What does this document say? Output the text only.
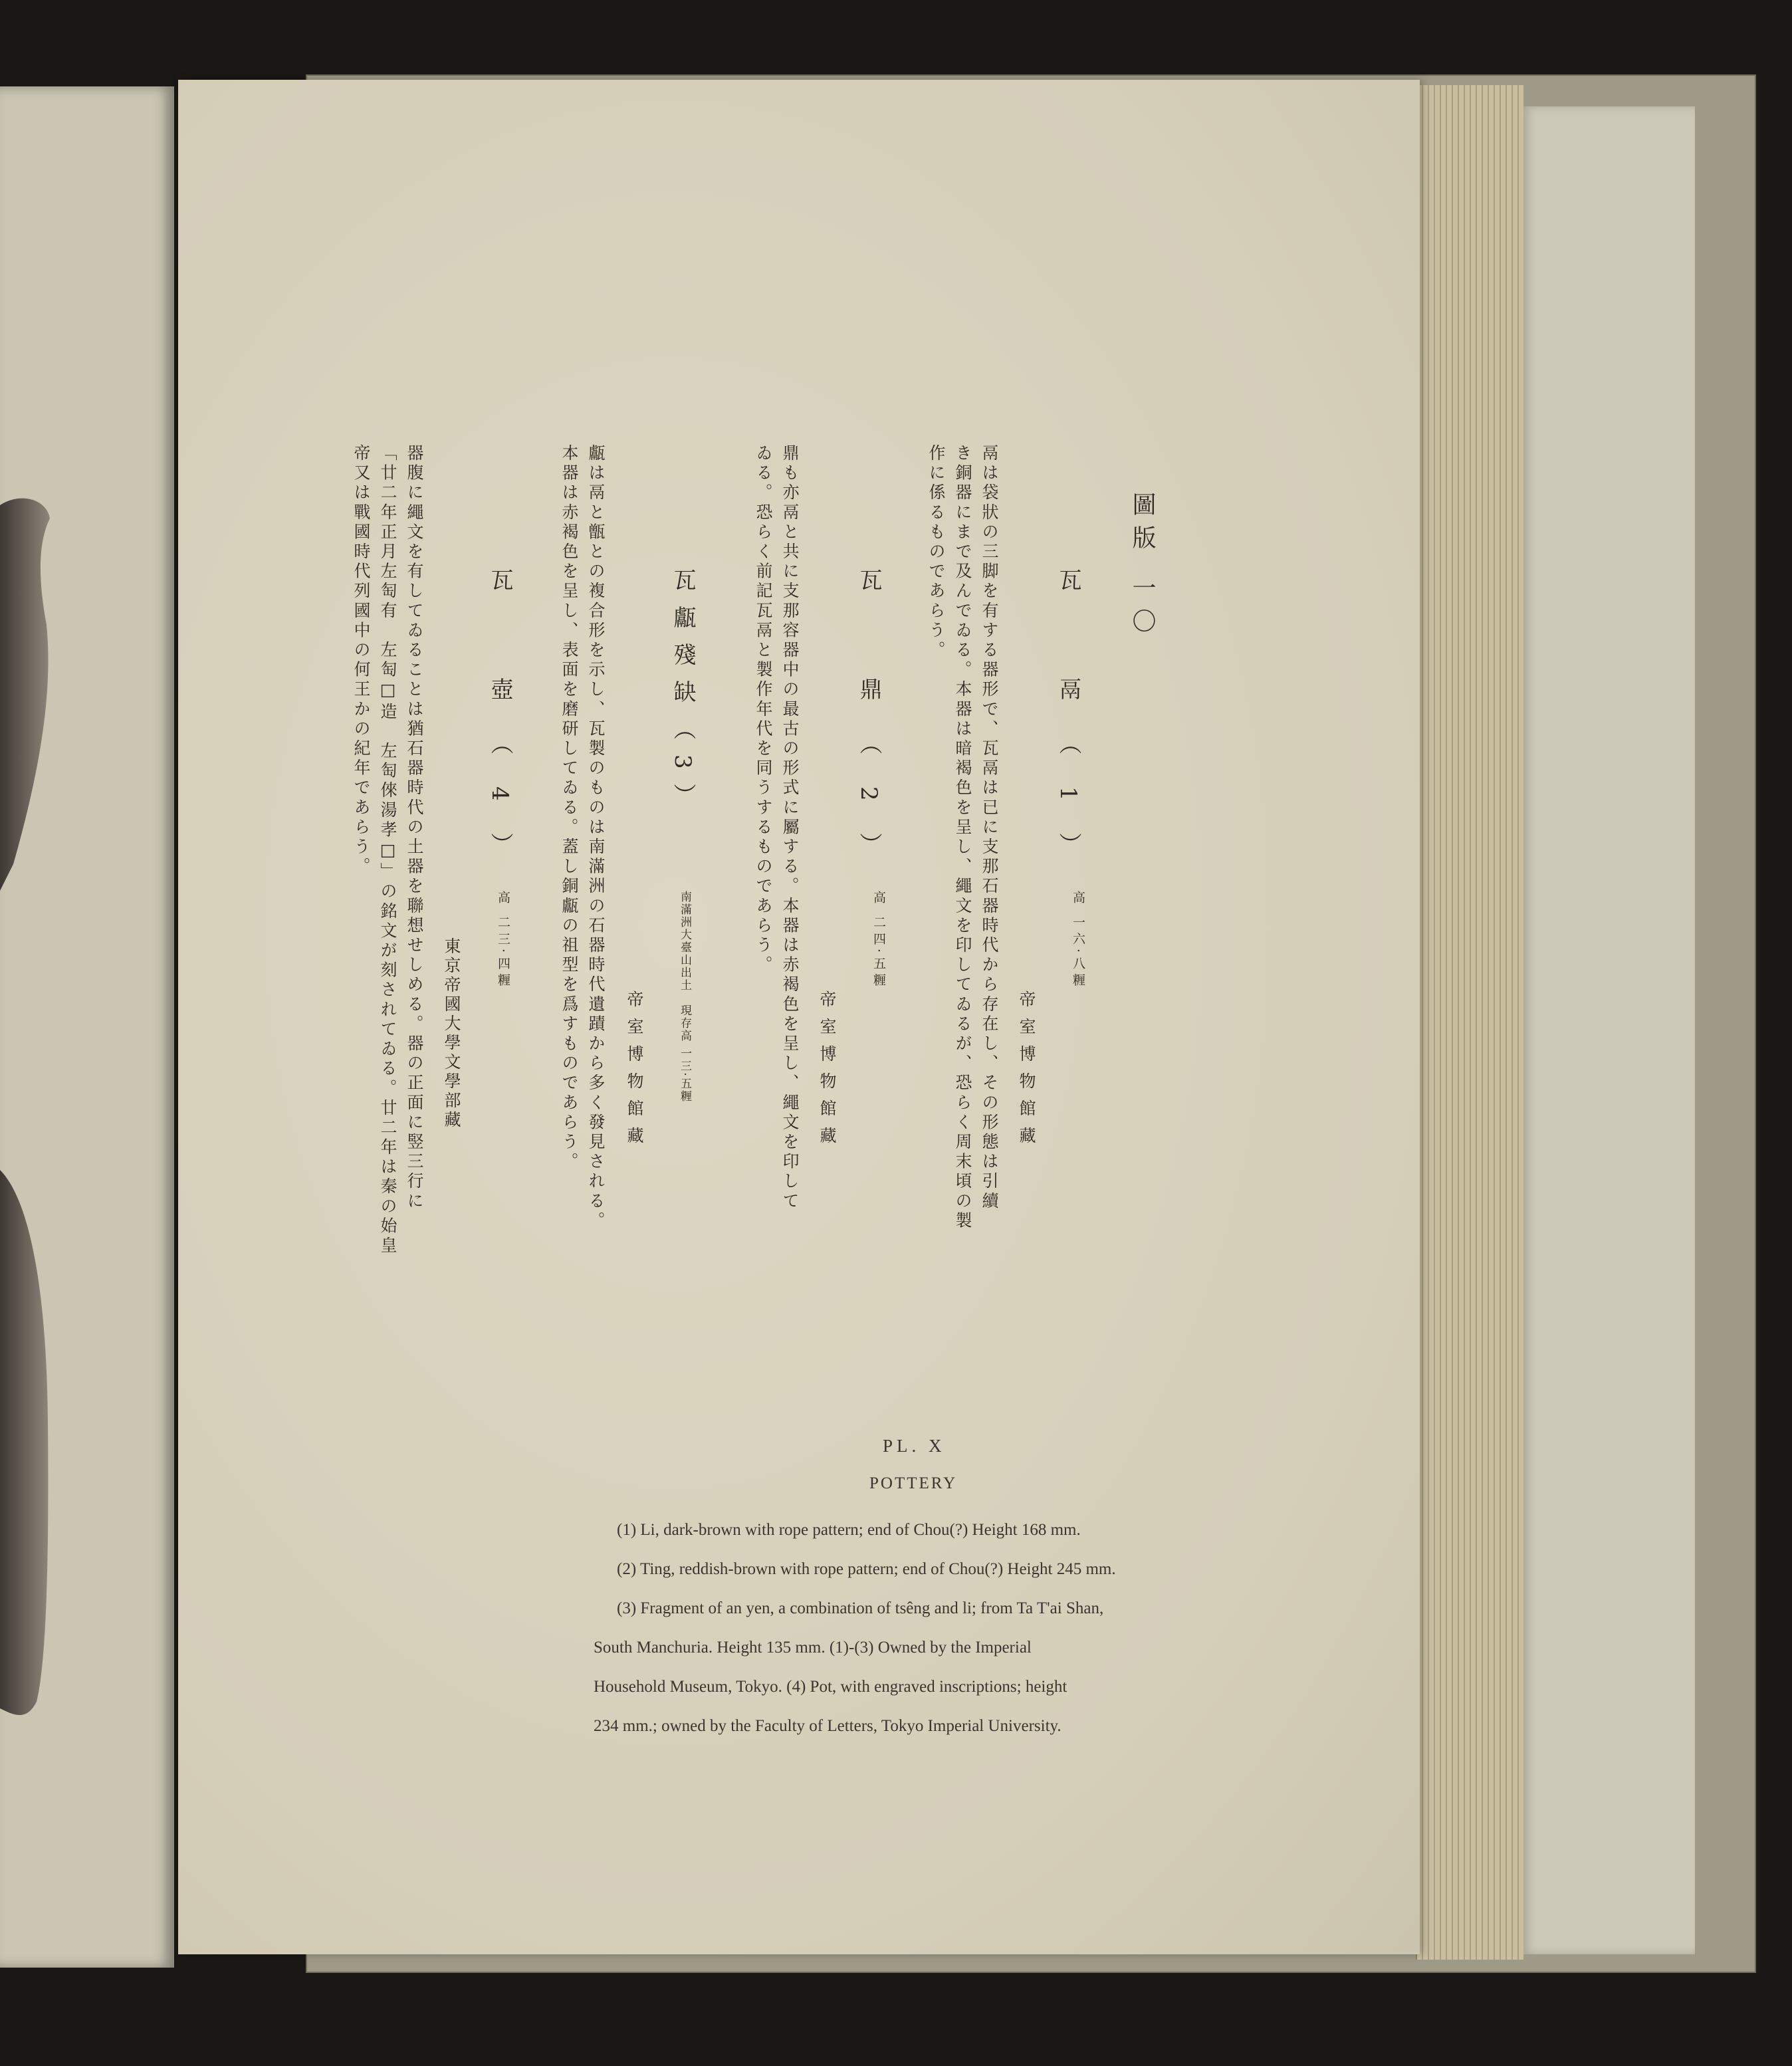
圖版 一〇
瓦　鬲（1）
高 一六·八糎
帝室博物館藏
鬲は袋狀の三脚を有する器形で、瓦鬲は已に支那石器時代から存在し、その形態は引續
き銅器にまで及んでゐる。本器は暗褐色を呈し、繩文を印してゐるが、恐らく周末頃の製
作に係るものであらう。
瓦　鼎（2）
高 二四·五糎
帝室博物館藏
鼎も亦鬲と共に支那容器中の最古の形式に屬する。本器は赤褐色を呈し、繩文を印して
ゐる。恐らく前記瓦鬲と製作年代を同うするものであらう。
瓦甗殘缺（3）
南滿洲大臺山出土　現存高 一三·五糎
帝室博物館藏
甗は鬲と甑との複合形を示し、瓦製のものは南滿洲の石器時代遺蹟から多く發見される。
本器は赤褐色を呈し、表面を磨研してゐる。蓋し銅甗の祖型を爲すものであらう。
瓦　壺（4）
高 二三·四糎
東京帝國大學文學部藏
器腹に繩文を有してゐることは猶石器時代の土器を聯想せしめる。器の正面に竪三行に
「廿二年正月左匋有　左匋□造　左匋倈湯孝□」の銘文が刻されてゐる。廿二年は秦の始皇
帝又は戰國時代列國中の何王かの紀年であらう。
PL. X
POTTERY
(1) Li, dark-brown with rope pattern; end of Chou(?) Height 168 mm.
(2) Ting, reddish-brown with rope pattern; end of Chou(?) Height 245 mm.
(3) Fragment of an yen, a combination of tsêng and li; from Ta T'ai Shan,
South Manchuria. Height 135 mm. (1)-(3) Owned by the Imperial
Household Museum, Tokyo. (4) Pot, with engraved inscriptions; height
234 mm.; owned by the Faculty of Letters, Tokyo Imperial University.
